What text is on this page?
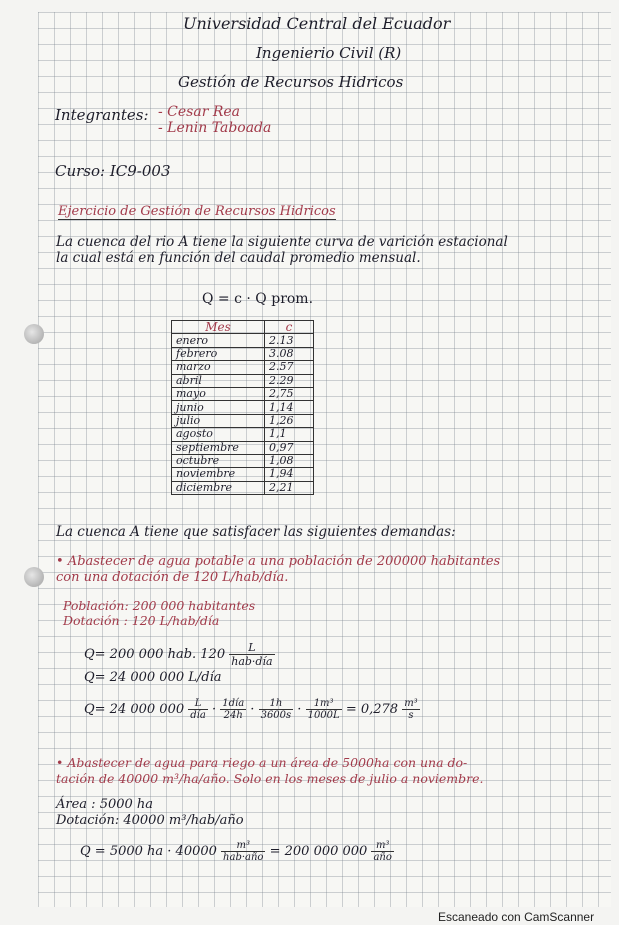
Universidad Central del Ecuador
Ingenierio Civil (R)
Gestión de Recursos Hidricos
Integrantes: - Cesar Rea
- Lenin Taboada
Curso: IC9-003
Ejercicio de Gestión de Recursos Hidricos
La cuenca del rio A tiene la siguiente curva de varición estacional
la cual está en función del caudal promedio mensual.
Q = c · Q prom.
Mes	c
enero	2.13
febrero	3.08
marzo	2.57
abril	2.29
mayo	2,75
junio	1,14
julio	1,26
agosto	1,1
septiembre	0,97
octubre	1,08
noviembre	1,94
diciembre	2,21
La cuenca A tiene que satisfacer las siguientes demandas:
• Abastecer de agua potable a una población de 200000 habitantes
con una dotación de 120 L/hab/día.
Población: 200 000 habitantes
Dotación : 120 L/hab/día
Q= 200 000 hab. $120 \frac{L}{\text{hab·día}}$
Q= 24 000 000 L/día
Q= 24 000 $000 \frac{L}{\text{día}} \cdot \frac{\text{1día}}{24h} \cdot \frac{1h}{3600s} \cdot \frac{\text{1m³}}{1000L} = 0,278 \frac{\text{m³}}{s}$
• Abastecer de agua para riego a un área de 5000ha con una do-
tación de 40000 m³/ha/año. Solo en los meses de julio a noviembre.
Área : 5000 ha
Dotación: 40000 m³/hab/año
Q = 5000 ha · $40000 \frac{\text{m³}}{\text{hab·año}} = 200$ 000 $000 \frac{\text{m³}}{\text{año}}$
Escaneado con CamScanner
